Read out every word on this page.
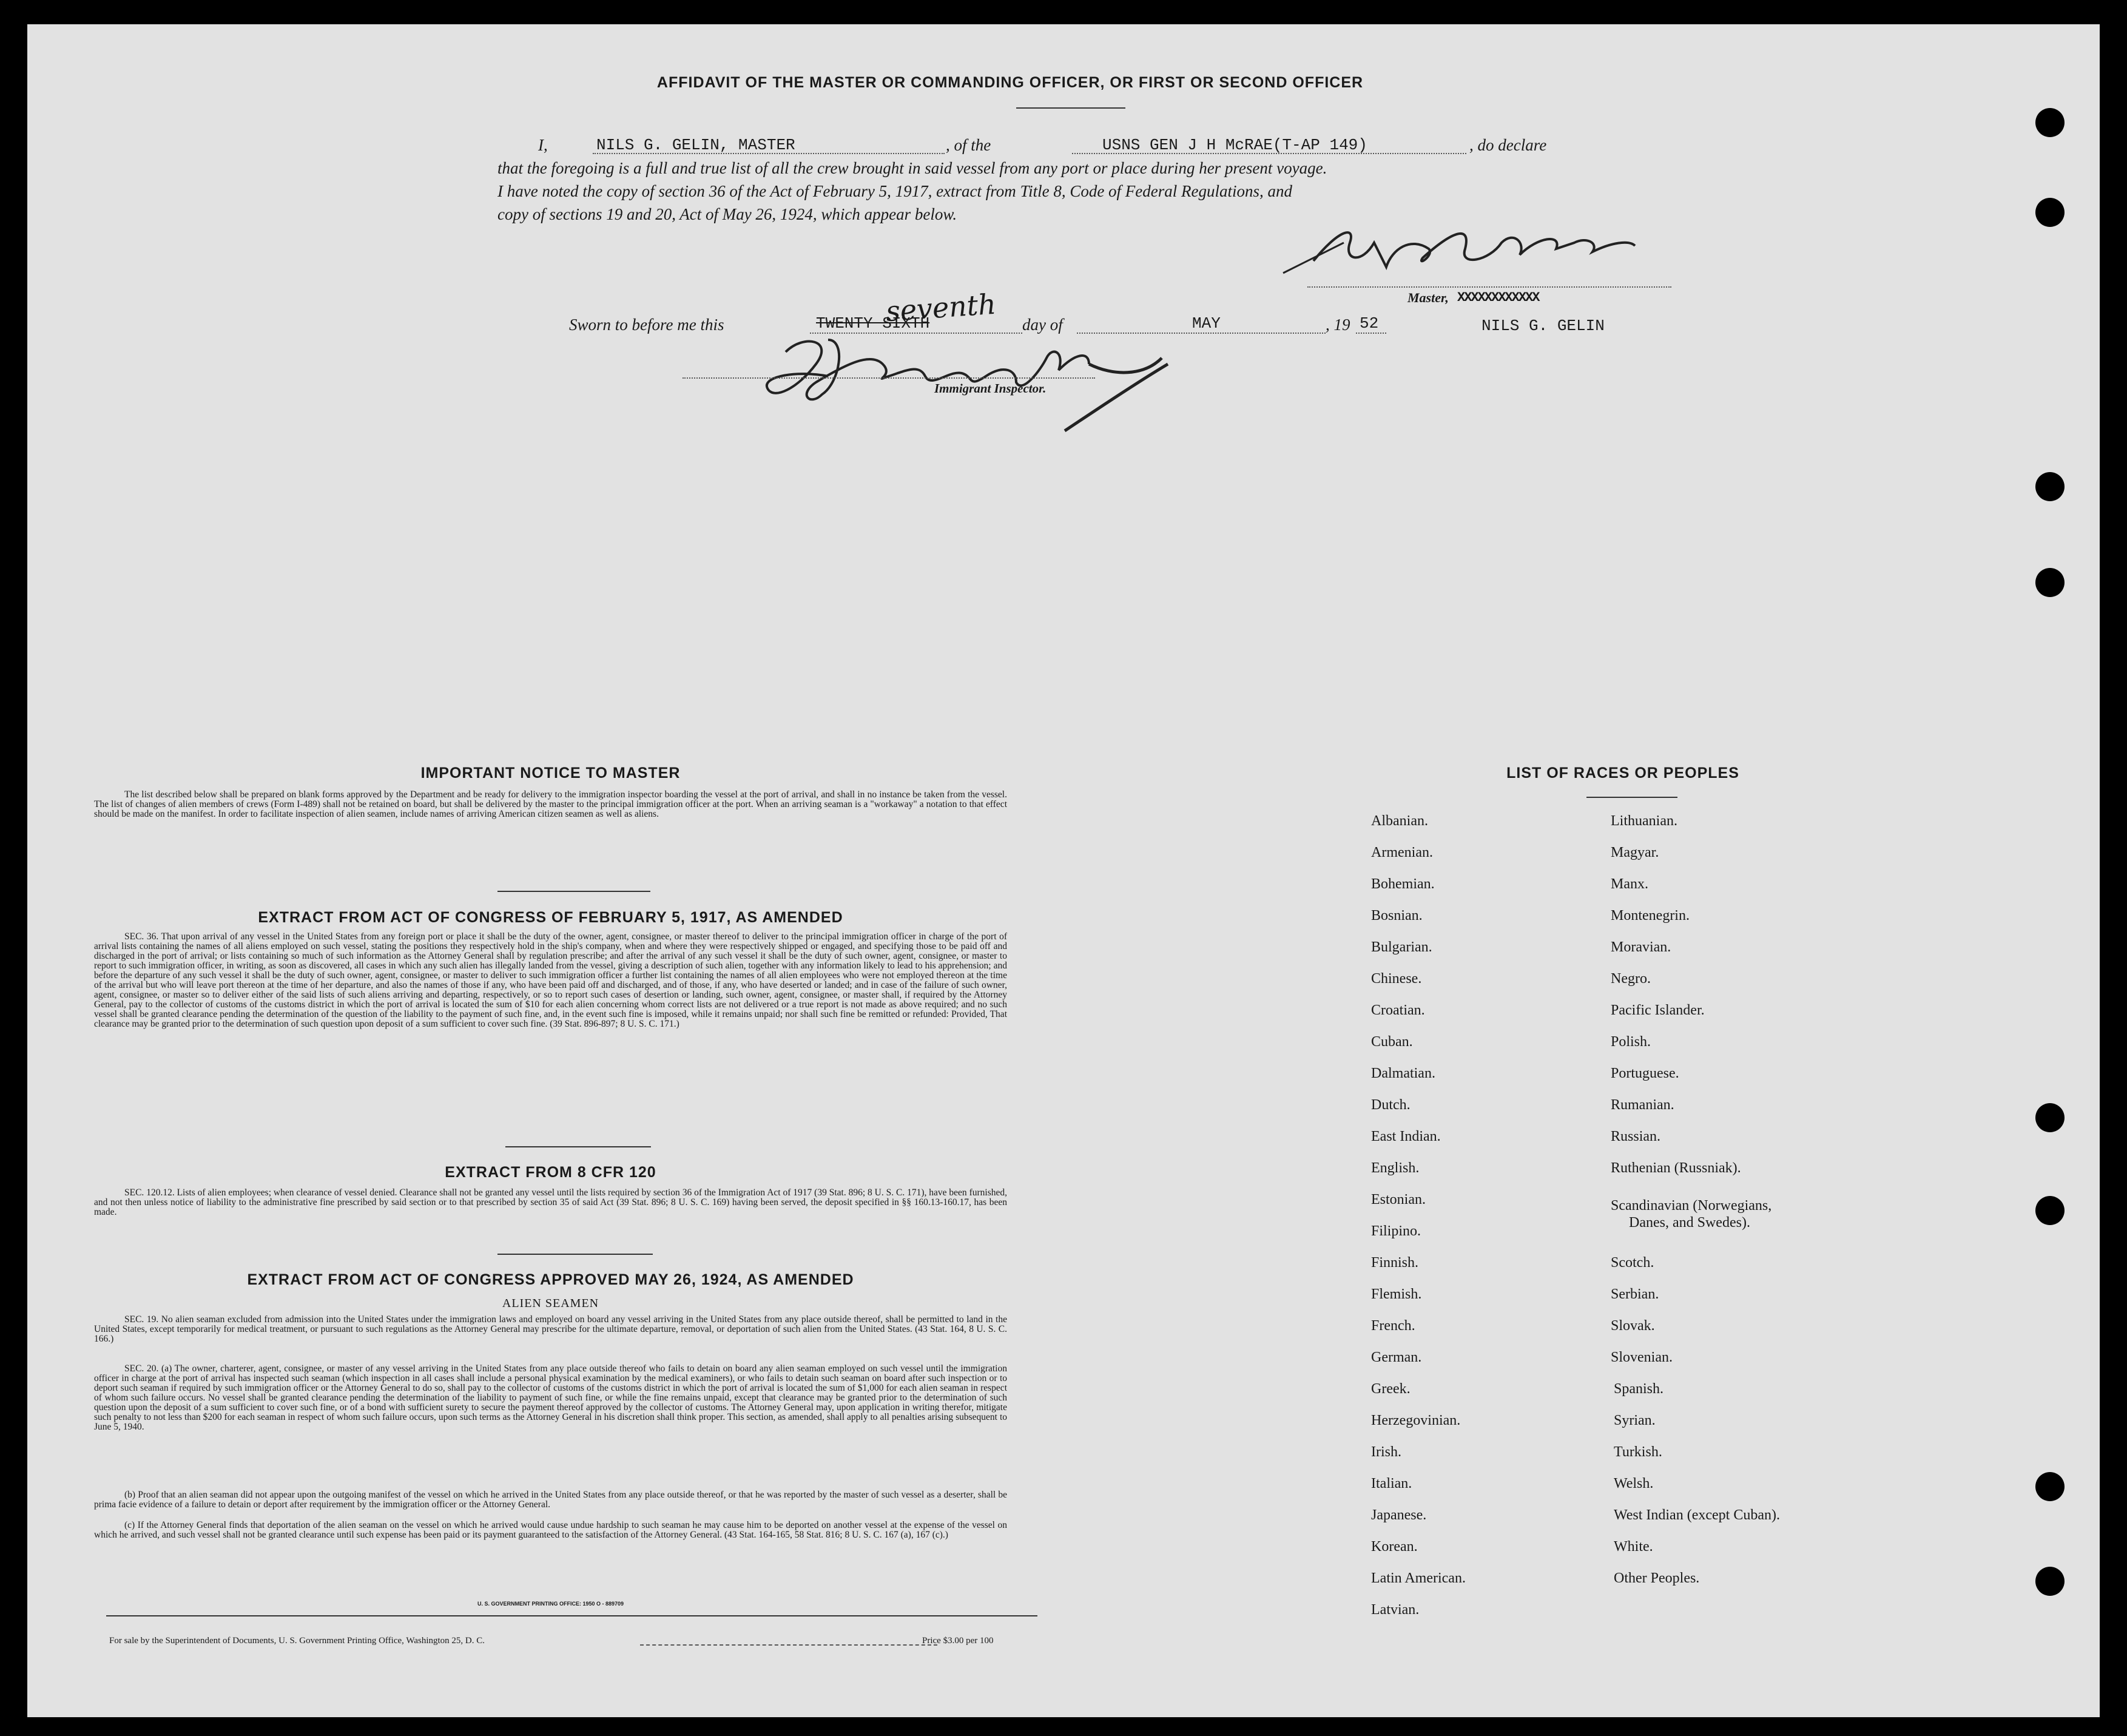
AFFIDAVIT OF THE MASTER OR COMMANDING OFFICER, OR FIRST OR SECOND OFFICER
I,	NILS G. GELIN, MASTER	, of the	USNS GEN J H McRAE(T-AP 149)	, do declare
that the foregoing is a full and true list of all the crew brought in said vessel from any port or place during her present voyage.
I have noted the copy of section 36 of the Act of February 5, 1917, extract from Title 8, Code of Federal Regulations, and
copy of sections 19 and 20, Act of May 26, 1924, which appear below.
Master, XXXXXXXXXXXX
NILS G. GELIN
Sworn to before me this	TWENTY SIXTH
seventh day of	MAY	, 19 52
Immigrant Inspector.
IMPORTANT NOTICE TO MASTER
The list described below shall be prepared on blank forms approved by the Department and be ready for delivery to the immigration inspector boarding the vessel at the port of arrival, and shall in no instance be taken from the vessel. The list of changes of alien members of crews (Form I-489) shall not be retained on board, but shall be delivered by the master to the principal immigration officer at the port. When an arriving seaman is a "workaway" a notation to that effect should be made on the manifest. In order to facilitate inspection of alien seamen, include names of arriving American citizen seamen as well as aliens.
EXTRACT FROM ACT OF CONGRESS OF FEBRUARY 5, 1917, AS AMENDED
SEC. 36. That upon arrival of any vessel in the United States from any foreign port or place it shall be the duty of the owner, agent, consignee, or master thereof to deliver to the principal immigration officer in charge of the port of arrival lists containing the names of all aliens employed on such vessel, stating the positions they respectively hold in the ship's company, when and where they were respectively shipped or engaged, and specifying those to be paid off and discharged in the port of arrival; or lists containing so much of such information as the Attorney General shall by regulation prescribe; and after the arrival of any such vessel it shall be the duty of such owner, agent, consignee, or master to report to such immigration officer, in writing, as soon as discovered, all cases in which any such alien has illegally landed from the vessel, giving a description of such alien, together with any information likely to lead to his apprehension; and before the departure of any such vessel it shall be the duty of such owner, agent, consignee, or master to deliver to such immigration officer a further list containing the names of all alien employees who were not employed thereon at the time of the arrival but who will leave port thereon at the time of her departure, and also the names of those if any, who have been paid off and discharged, and of those, if any, who have deserted or landed; and in case of the failure of such owner, agent, consignee, or master so to deliver either of the said lists of such aliens arriving and departing, respectively, or so to report such cases of desertion or landing, such owner, agent, consignee, or master shall, if required by the Attorney General, pay to the collector of customs of the customs district in which the port of arrival is located the sum of $10 for each alien concerning whom correct lists are not delivered or a true report is not made as above required; and no such vessel shall be granted clearance pending the determination of the question of the liability to the payment of such fine, and, in the event such fine is imposed, while it remains unpaid; nor shall such fine be remitted or refunded: Provided, That clearance may be granted prior to the determination of such question upon deposit of a sum sufficient to cover such fine. (39 Stat. 896-897; 8 U. S. C. 171.)
EXTRACT FROM 8 CFR 120
SEC. 120.12. Lists of alien employees; when clearance of vessel denied. Clearance shall not be granted any vessel until the lists required by section 36 of the Immigration Act of 1917 (39 Stat. 896; 8 U. S. C. 171), have been furnished, and not then unless notice of liability to the administrative fine prescribed by said section or to that prescribed by section 35 of said Act (39 Stat. 896; 8 U. S. C. 169) having been served, the deposit specified in §§ 160.13-160.17, has been made.
EXTRACT FROM ACT OF CONGRESS APPROVED MAY 26, 1924, AS AMENDED
ALIEN SEAMEN
SEC. 19. No alien seaman excluded from admission into the United States under the immigration laws and employed on board any vessel arriving in the United States from any place outside thereof, shall be permitted to land in the United States, except temporarily for medical treatment, or pursuant to such regulations as the Attorney General may prescribe for the ultimate departure, removal, or deportation of such alien from the United States. (43 Stat. 164, 8 U. S. C. 166.)
SEC. 20. (a) The owner, charterer, agent, consignee, or master of any vessel arriving in the United States from any place outside thereof who fails to detain on board any alien seaman employed on such vessel until the immigration officer in charge at the port of arrival has inspected such seaman (which inspection in all cases shall include a personal physical examination by the medical examiners), or who fails to detain such seaman on board after such inspection or to deport such seaman if required by such immigration officer or the Attorney General to do so, shall pay to the collector of customs of the customs district in which the port of arrival is located the sum of $1,000 for each alien seaman in respect of whom such failure occurs. No vessel shall be granted clearance pending the determination of the liability to payment of such fine, or while the fine remains unpaid, except that clearance may be granted prior to the determination of such question upon the deposit of a sum sufficient to cover such fine, or of a bond with sufficient surety to secure the payment thereof approved by the collector of customs. The Attorney General may, upon application in writing therefor, mitigate such penalty to not less than $200 for each seaman in respect of whom such failure occurs, upon such terms as the Attorney General in his discretion shall think proper. This section, as amended, shall apply to all penalties arising subsequent to June 5, 1940.
(b) Proof that an alien seaman did not appear upon the outgoing manifest of the vessel on which he arrived in the United States from any place outside thereof, or that he was reported by the master of such vessel as a deserter, shall be prima facie evidence of a failure to detain or deport after requirement by the immigration officer or the Attorney General.
(c) If the Attorney General finds that deportation of the alien seaman on the vessel on which he arrived would cause undue hardship to such seaman he may cause him to be deported on another vessel at the expense of the vessel on which he arrived, and such vessel shall not be granted clearance until such expense has been paid or its payment guaranteed to the satisfaction of the Attorney General. (43 Stat. 164-165, 58 Stat. 816; 8 U. S. C. 167 (a), 167 (c).)
U. S. GOVERNMENT PRINTING OFFICE: 1950 O - 889709
For sale by the Superintendent of Documents, U. S. Government Printing Office, Washington 25, D. C.	Price $3.00 per 100
LIST OF RACES OR PEOPLES
Albanian.
Armenian.
Bohemian.
Bosnian.
Bulgarian.
Chinese.
Croatian.
Cuban.
Dalmatian.
Dutch.
East Indian.
English.
Estonian.
Filipino.
Finnish.
Flemish.
French.
German.
Greek.
Herzegovinian.
Irish.
Italian.
Japanese.
Korean.
Latin American.
Latvian.
Lithuanian.
Magyar.
Manx.
Montenegrin.
Moravian.
Negro.
Pacific Islander.
Polish.
Portuguese.
Rumanian.
Russian.
Ruthenian (Russniak).
Scandinavian (Norwegians,
Danes, and Swedes).
Scotch.
Serbian.
Slovak.
Slovenian.
Spanish.
Syrian.
Turkish.
Welsh.
West Indian (except Cuban).
White.
Other Peoples.
